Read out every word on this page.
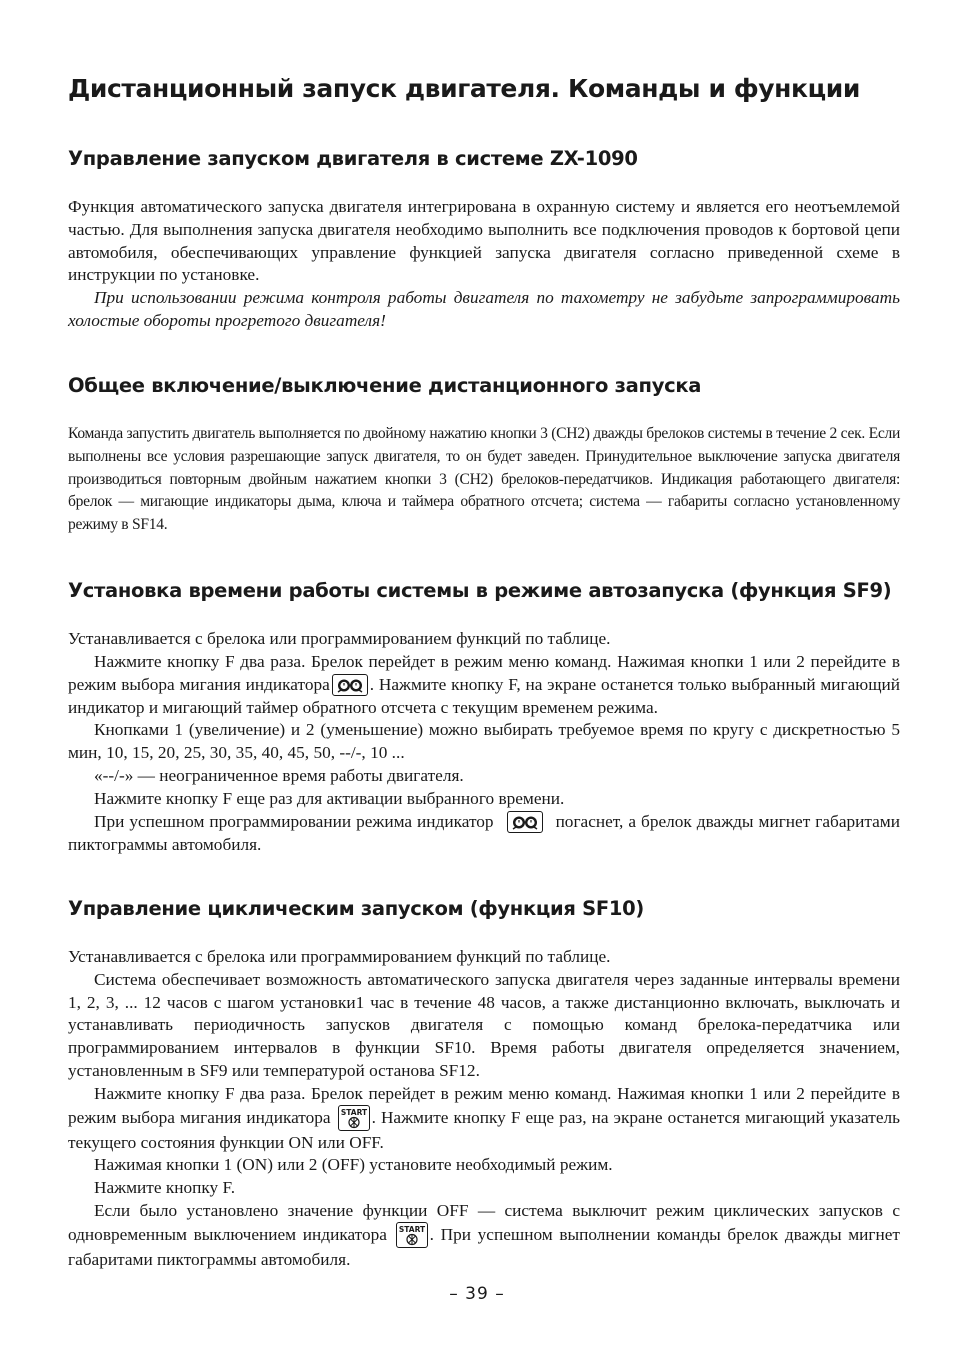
Дистанционный запуск двигателя. Команды и функции
Управление запуском двигателя в системе ZX-1090

Функция автоматического запуска двигателя интегрирована в охранную систему и является его неотъемлемой частью. Для выполнения запуска двигателя необходимо выполнить все подключения проводов к бортовой цепи автомобиля, обеспечивающих управление функцией запуска двигателя согласно приведенной схеме в инструкции по установке.

При использовании режима контроля работы двигателя по тахометру не забудьте запрограммировать холостые обороты прогретого двигателя!

Общее включение/выключение дистанционного запуска

Команда запустить двигатель выполняется по двойному нажатию кнопки 3 (CH2) дважды брелоков системы в течение 2 сек. Если выполнены все условия разрешающие запуск двигателя, то он будет заведен. Принудительное выключение запуска двигателя производиться повторным двойным нажатием кнопки 3 (CH2) брелоков-передатчиков. Индикация работающего двигателя: брелок — мигающие индикаторы дыма, ключа и таймера обратного отсчета; система — габариты согласно установленному режиму в SF14.

Установка времени работы системы в режиме автозапуска (функция SF9)

Устанавливается с брелока или программированием функций по таблице.

Нажмите кнопку F два раза. Брелок перейдет в режим меню команд. Нажимая кнопки 1 или 2 перейдите в режим выбора мигания индикатора . Нажмите кнопку F, на экране останется только выбранный мигающий индикатор и мигающий таймер обратного отсчета с текущим временем режима.

Кнопками 1 (увеличение) и 2 (уменьшение) можно выбирать требуемое время по кругу с дискретностью 5 мин, 10, 15, 20, 25, 30, 35, 40, 45, 50, --/-, 10 ...

«--/-» — неограниченное время работы двигателя.

Нажмите кнопку F еще раз для активации выбранного времени.

При успешном программировании режима индикатор	погаснет, а брелок дважды мигнет габаритами пиктограммы автомобиля.

Управление циклическим запуском (функция SF10)

Устанавливается с брелока или программированием функций по таблице.

Система обеспечивает возможность автоматического запуска двигателя через заданные интервалы времени 1, 2, 3, ... 12 часов с шагом установки1 час в течение 48 часов, а также дистанционно включать, выключать и устанавливать периодичность запусков двигателя с помощью команд брелока-передатчика или программированием интервалов в функции SF10. Время работы двигателя определяется значением, установленным в SF9 или температурой останова SF12.

Нажмите кнопку F два раза. Брелок перейдет в режим меню команд. Нажимая кнопки 1 или 2 перейдите в режим выбора мигания индикатора START . Нажмите кнопку F еще раз, на экране останется мигающий указатель текущего состояния функции ON или OFF.

Нажимая кнопки 1 (ON) или 2 (OFF) установите необходимый режим.

Нажмите кнопку F.

Если было установлено значение функции OFF — система выключит режим циклических запусков с одновременным выключением индикатора START . При успешном выполнении команды брелок дважды мигнет габаритами пиктограммы автомобиля.

– 39 –
